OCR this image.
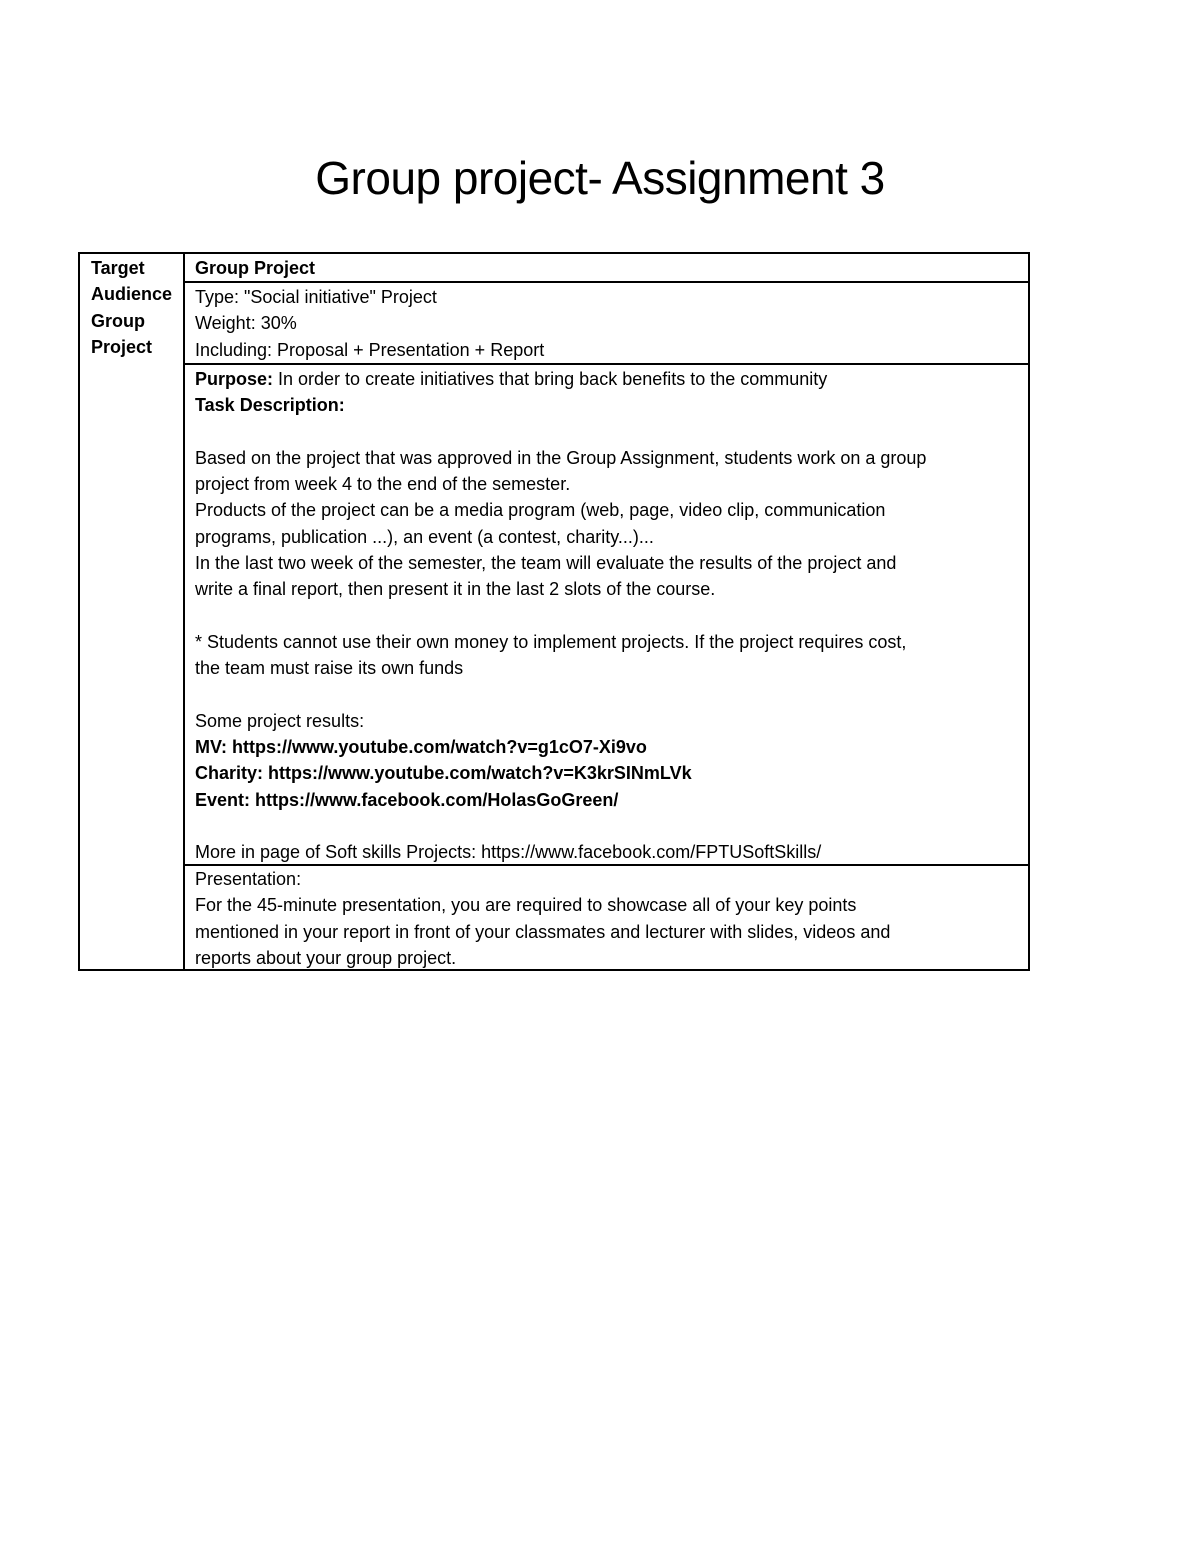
Group project- Assignment 3
Target
Audience
Group
Project
Group Project
Type: "Social initiative" Project
Weight: 30%
Including: Proposal + Presentation + Report
Purpose: In order to create initiatives that bring back benefits to the community
Task Description:
Based on the project that was approved in the Group Assignment, students work on a group
project from week 4 to the end of the semester.
Products of the project can be a media program (web, page, video clip, communication
programs, publication ...), an event (a contest, charity...)...
In the last two week of the semester, the team will evaluate the results of the project and
write a final report, then present it in the last 2 slots of the course.
* Students cannot use their own money to implement projects. If the project requires cost,
the team must raise its own funds
Some project results:
MV: https://www.youtube.com/watch?v=g1cO7-Xi9vo
Charity: https://www.youtube.com/watch?v=K3krSINmLVk
Event: https://www.facebook.com/HolasGoGreen/
More in page of Soft skills Projects: https://www.facebook.com/FPTUSoftSkills/
Presentation:
For the 45-minute presentation, you are required to showcase all of your key points
mentioned in your report in front of your classmates and lecturer with slides, videos and
reports about your group project.
